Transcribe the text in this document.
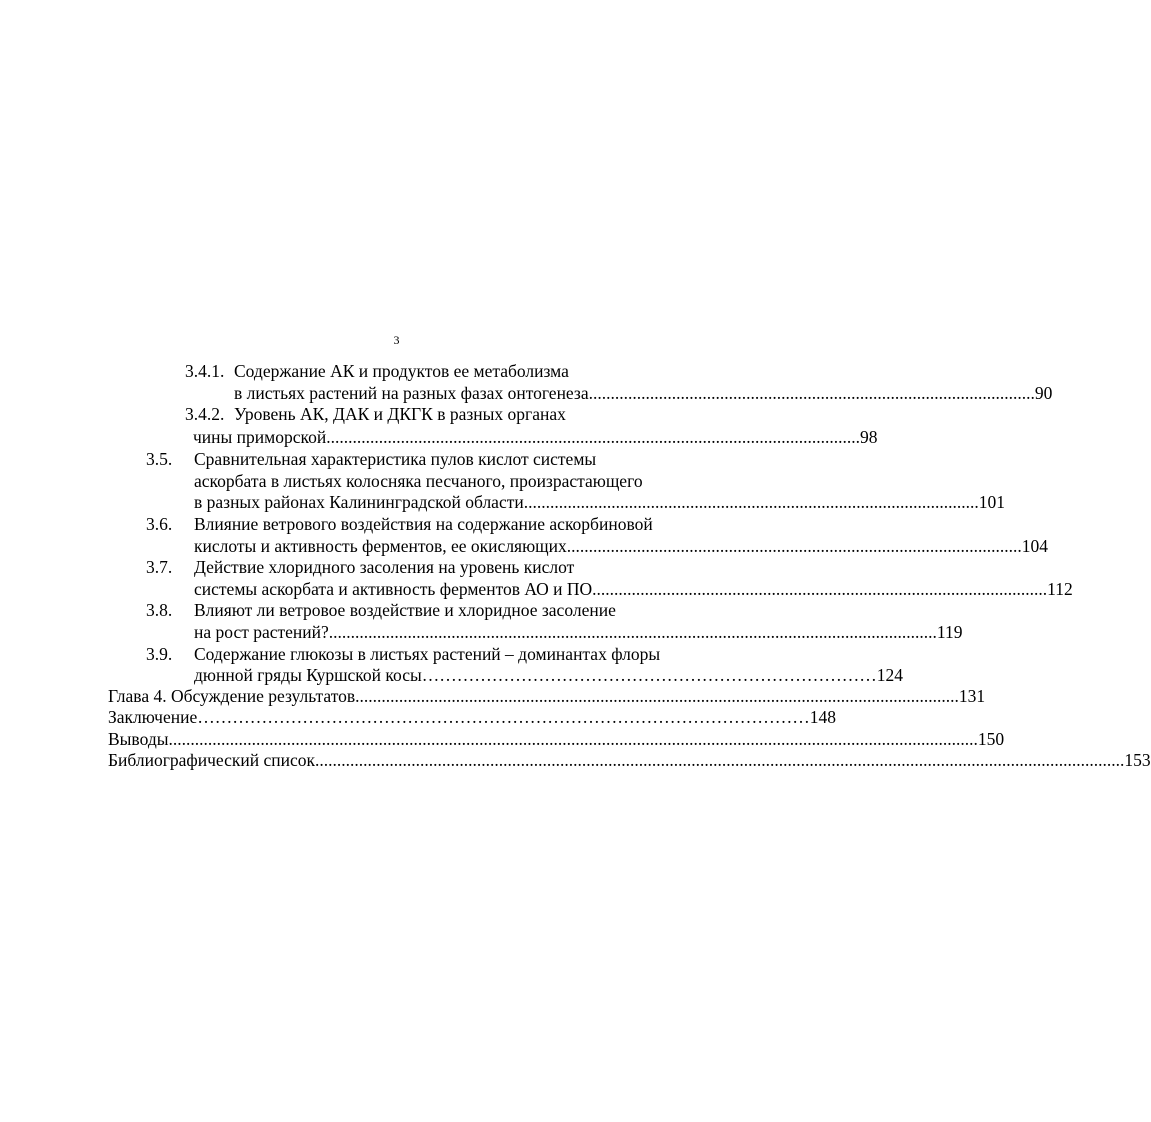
3
3.4.1. Содержание АК и продуктов ее метаболизма
в листьях растений на разных фазах онтогенеза ...................................................................................................... 90
3.4.2. Уровень АК, ДАК и ДКГК в разных органах
чины приморской .......................................................................................................................... 98
3.5. Сравнительная характеристика пулов кислот системы
аскорбата в листьях колосняка песчаного, произрастающего
в разных районах Калининградской области ........................................................................................................ 101
3.6. Влияние ветрового воздействия на содержание аскорбиновой
кислоты и активность ферментов, ее окисляющих ........................................................................................................ 104
3.7. Действие хлоридного засоления на уровень кислот
системы аскорбата и активность ферментов АО и ПО ........................................................................................................ 112
3.8. Влияют ли ветровое воздействие и хлоридное засоление
на рост растений? ........................................................................................................................................... 119
3.9. Содержание глюкозы в листьях растений – доминантах флоры
дюнной гряды Куршской косы …………………………………………………………………… 124
Глава 4. Обсуждение результатов .......................................................................................................................................... 131
Заключение …………………………………………………………………………………………… 148
Выводы ......................................................................................................................................................................................... 150
Библиографический список ......................................................................................................................................................................................... 153
